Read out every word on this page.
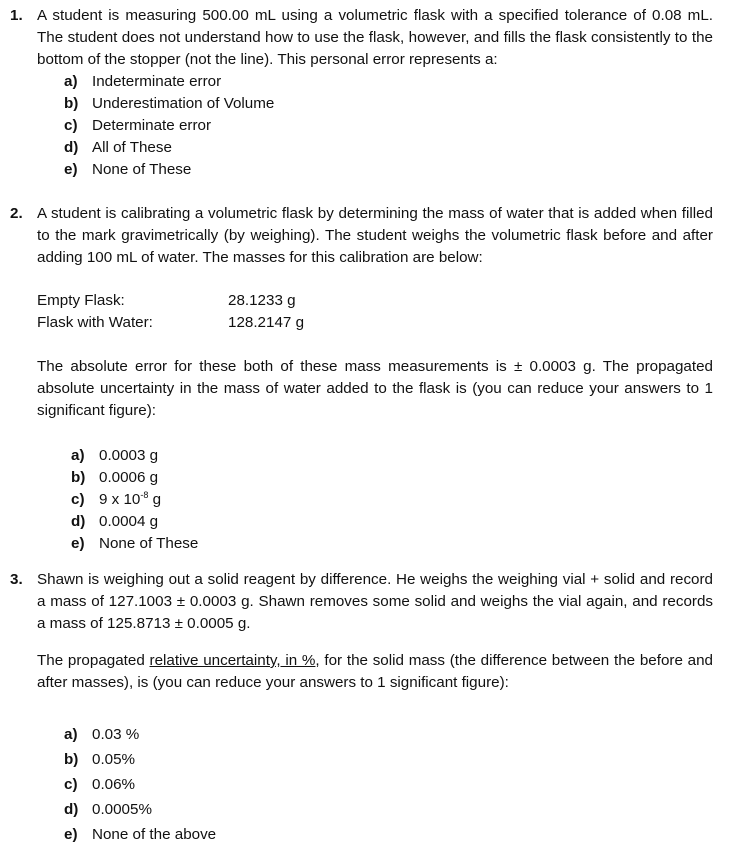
1. A student is measuring 500.00 mL using a volumetric flask with a specified tolerance of 0.08 mL. The student does not understand how to use the flask, however, and fills the flask consistently to the bottom of the stopper (not the line). This personal error represents a:

a) Indeterminate error
b) Underestimation of Volume
c) Determinate error
d) All of These
e) None of These
2. A student is calibrating a volumetric flask by determining the mass of water that is added when filled to the mark gravimetrically (by weighing). The student weighs the volumetric flask before and after adding 100 mL of water. The masses for this calibration are below:

Empty Flask:	28.1233 g
Flask with Water:	128.2147 g

The absolute error for these both of these mass measurements is ± 0.0003 g. The propagated absolute uncertainty in the mass of water added to the flask is (you can reduce your answers to 1 significant figure):

a) 0.0003 g
b) 0.0006 g
c) 9 x $10^{-8}$ g
d) 0.0004 g
e) None of These
3. Shawn is weighing out a solid reagent by difference. He weighs the weighing vial + solid and record a mass of 127.1003 ± 0.0003 g. Shawn removes some solid and weighs the vial again, and records a mass of 125.8713 ± 0.0005 g.

The propagated relative uncertainty, in %, for the solid mass (the difference between the before and after masses), is (you can reduce your answers to 1 significant figure):

a) 0.03 %
b) 0.05%
c) 0.06%
d) 0.0005%
e) None of the above
